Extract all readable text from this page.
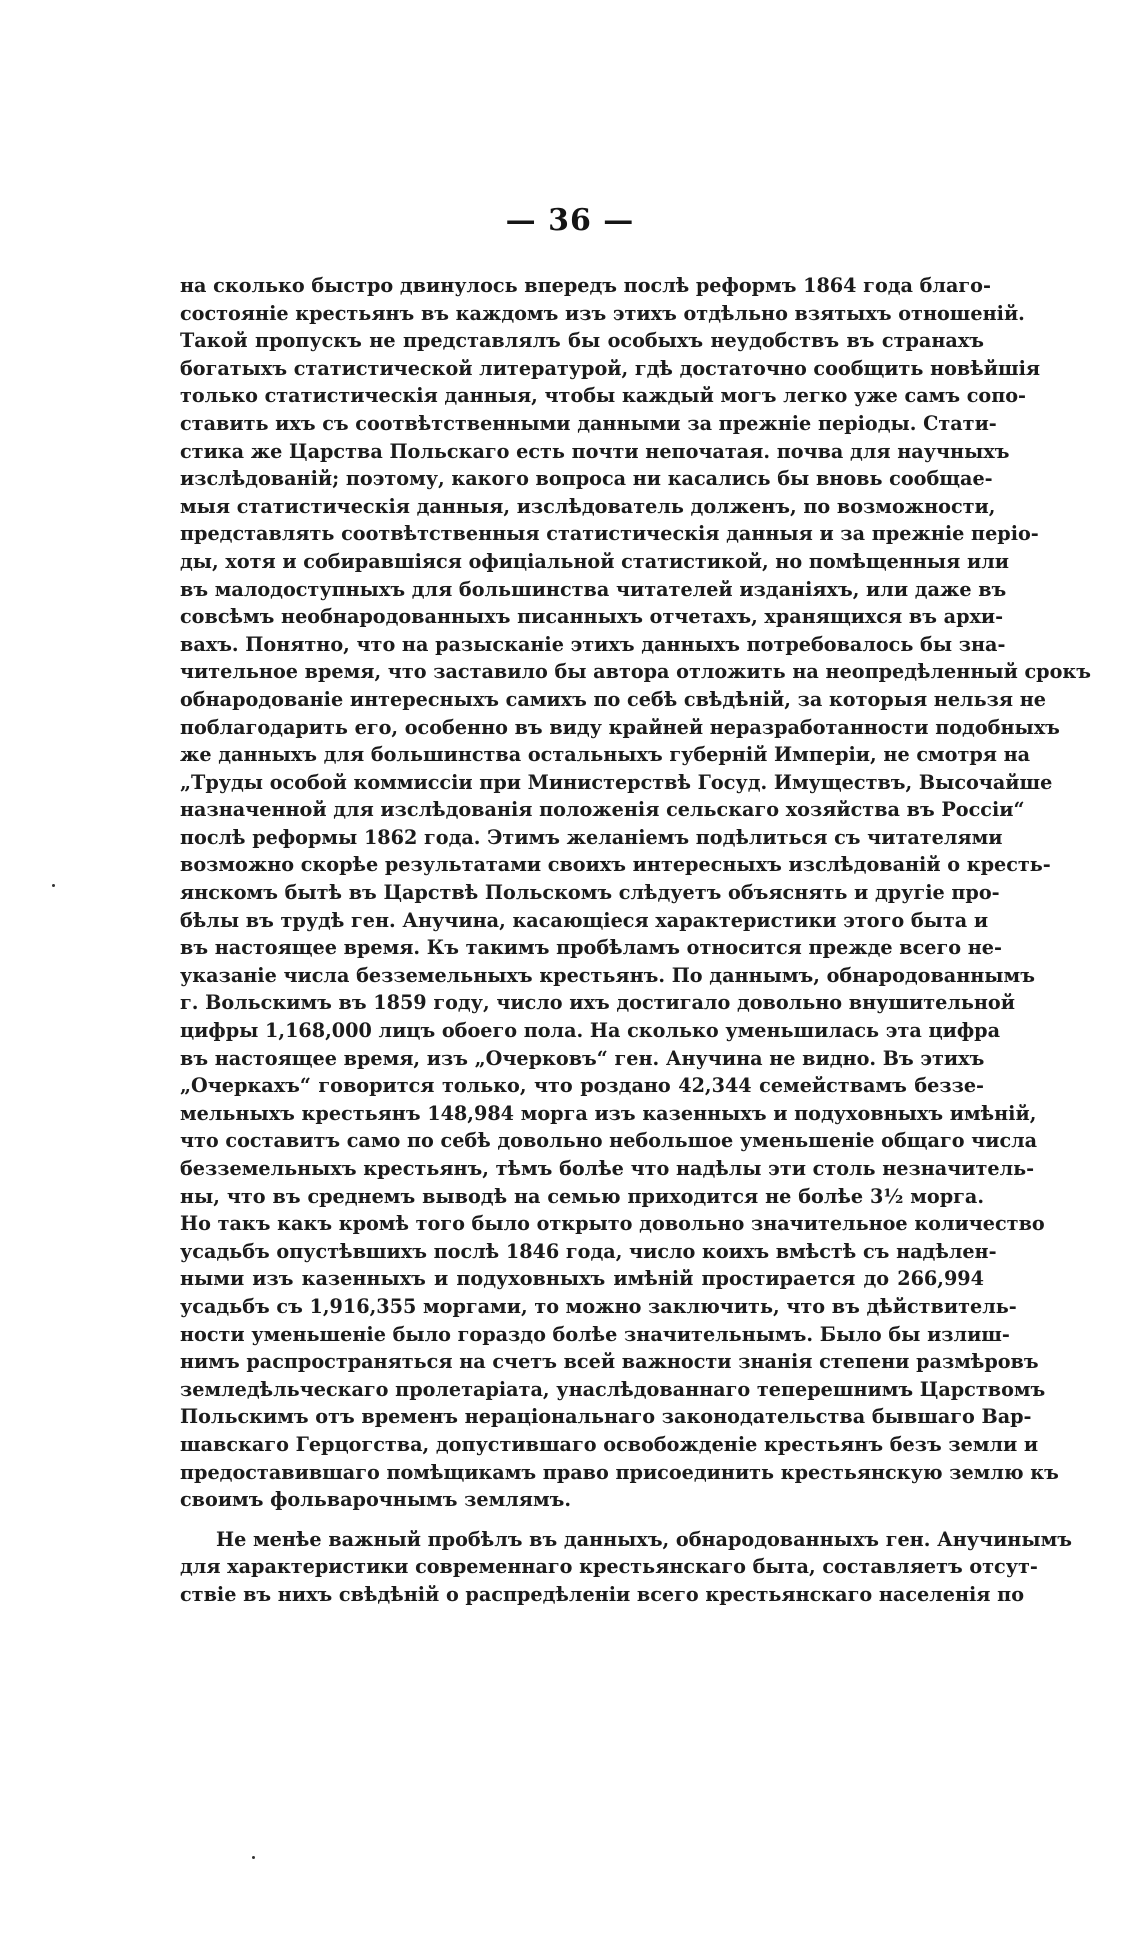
— 36 —
на сколько быстро двинулось впередъ послѣ реформъ 1864 года благо-
состояніе крестьянъ въ каждомъ изъ этихъ отдѣльно взятыхъ отношеній.
Такой пропускъ не представлялъ бы особыхъ неудобствъ въ странахъ
богатыхъ статистической литературой, гдѣ достаточно сообщить новѣйшія
только статистическія данныя, чтобы каждый могъ легко уже самъ сопо-
ставить ихъ съ соотвѣтственными данными за прежніе періоды. Стати-
стика же Царства Польскаго есть почти непочатая. почва для научныхъ
изслѣдованій; поэтому, какого вопроса ни касались бы вновь сообщае-
мыя статистическія данныя, изслѣдователь долженъ, по возможности,
представлять соотвѣтственныя статистическія данныя и за прежніе періо-
ды, хотя и собиравшіяся офиціальной статистикой, но помѣщенныя или
въ малодоступныхъ для большинства читателей изданіяхъ, или даже въ
совсѣмъ необнародованныхъ писанныхъ отчетахъ, хранящихся въ архи-
вахъ. Понятно, что на разысканіе этихъ данныхъ потребовалось бы зна-
чительное время, что заставило бы автора отложить на неопредѣленный срокъ
обнародованіе интересныхъ самихъ по себѣ свѣдѣній, за которыя нельзя не
поблагодарить его, особенно въ виду крайней неразработанности подобныхъ
же данныхъ для большинства остальныхъ губерній Имперіи, не смотря на
„Труды особой коммиссіи при Министерствѣ Госуд. Имуществъ, Высочайше
назначенной для изслѣдованія положенія сельскаго хозяйства въ Россіи“
послѣ реформы 1862 года. Этимъ желаніемъ подѣлиться съ читателями
возможно скорѣе результатами своихъ интересныхъ изслѣдованій о кресть-
янскомъ бытѣ въ Царствѣ Польскомъ слѣдуетъ объяснять и другіе про-
бѣлы въ трудѣ ген. Анучина, касающіеся характеристики этого быта и
въ настоящее время. Къ такимъ пробѣламъ относится прежде всего не-
указаніе числа безземельныхъ крестьянъ. По даннымъ, обнародованнымъ
г. Вольскимъ въ 1859 году, число ихъ достигало довольно внушительной
цифры 1,168,000 лицъ обоего пола. На сколько уменьшилась эта цифра
въ настоящее время, изъ „Очерковъ“ ген. Анучина не видно. Въ этихъ
„Очеркахъ“ говорится только, что роздано 42,344 семействамъ беззе-
мельныхъ крестьянъ 148,984 морга изъ казенныхъ и подуховныхъ имѣній,
что составитъ само по себѣ довольно небольшое уменьшеніе общаго числа
безземельныхъ крестьянъ, тѣмъ болѣе что надѣлы эти столь незначитель-
ны, что въ среднемъ выводѣ на семью приходится не болѣе 3½ морга.
Но такъ какъ кромѣ того было открыто довольно значительное количество
усадьбъ опустѣвшихъ послѣ 1846 года, число коихъ вмѣстѣ съ надѣлен-
ными изъ казенныхъ и подуховныхъ имѣній простирается до 266,994
усадьбъ съ 1,916,355 моргами, то можно заключить, что въ дѣйствитель-
ности уменьшеніе было гораздо болѣе значительнымъ. Было бы излиш-
нимъ распространяться на счетъ всей важности знанія степени размѣровъ
земледѣльческаго пролетаріата, унаслѣдованнаго теперешнимъ Царствомъ
Польскимъ отъ временъ нераціональнаго законодательства бывшаго Вар-
шавскаго Герцогства, допустившаго освобожденіе крестьянъ безъ земли и
предоставившаго помѣщикамъ право присоединить крестьянскую землю къ
своимъ фольварочнымъ землямъ.
Не менѣе важный пробѣлъ въ данныхъ, обнародованныхъ ген. Анучинымъ
для характеристики современнаго крестьянскаго быта, составляетъ отсут-
ствіе въ нихъ свѣдѣній о распредѣленіи всего крестьянскаго населенія по
